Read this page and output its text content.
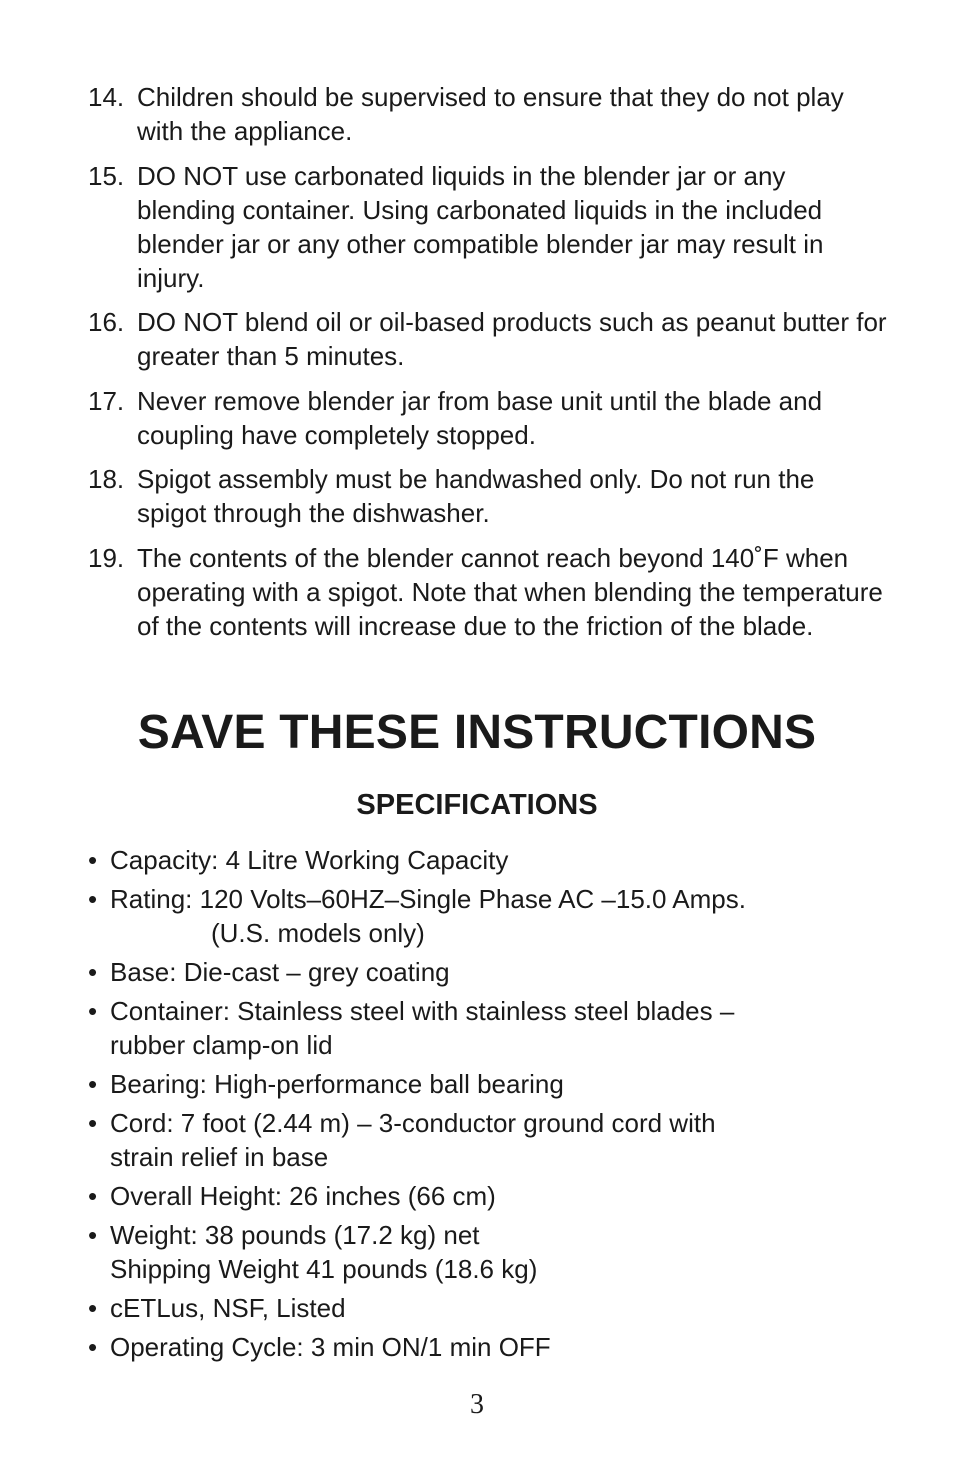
14. Children should be supervised to ensure that they do not play with the appliance.
15. DO NOT use carbonated liquids in the blender jar or any blending container. Using carbonated liquids in the included blender jar or any other compatible blender jar may result in injury.
16. DO NOT blend oil or oil-based products such as peanut butter for greater than 5 minutes.
17. Never remove blender jar from base unit until the blade and coupling have completely stopped.
18. Spigot assembly must be handwashed only. Do not run the spigot through the dishwasher.
19. The contents of the blender cannot reach beyond 140˚F when operating with a spigot. Note that when blending the temperature of the contents will increase due to the friction of the blade.
SAVE THESE INSTRUCTIONS
SPECIFICATIONS
• Capacity: 4 Litre Working Capacity
• Rating: 120 Volts–60HZ–Single Phase AC –15.0 Amps.
(U.S. models only)
• Base: Die-cast – grey coating
• Container: Stainless steel with stainless steel blades –
rubber clamp-on lid
• Bearing: High-performance ball bearing
• Cord: 7 foot (2.44 m) – 3-conductor ground cord with
strain relief in base
• Overall Height: 26 inches (66 cm)
• Weight: 38 pounds (17.2 kg) net
Shipping Weight 41 pounds (18.6 kg)
• cETLus, NSF, Listed
• Operating Cycle: 3 min ON/1 min OFF
3
